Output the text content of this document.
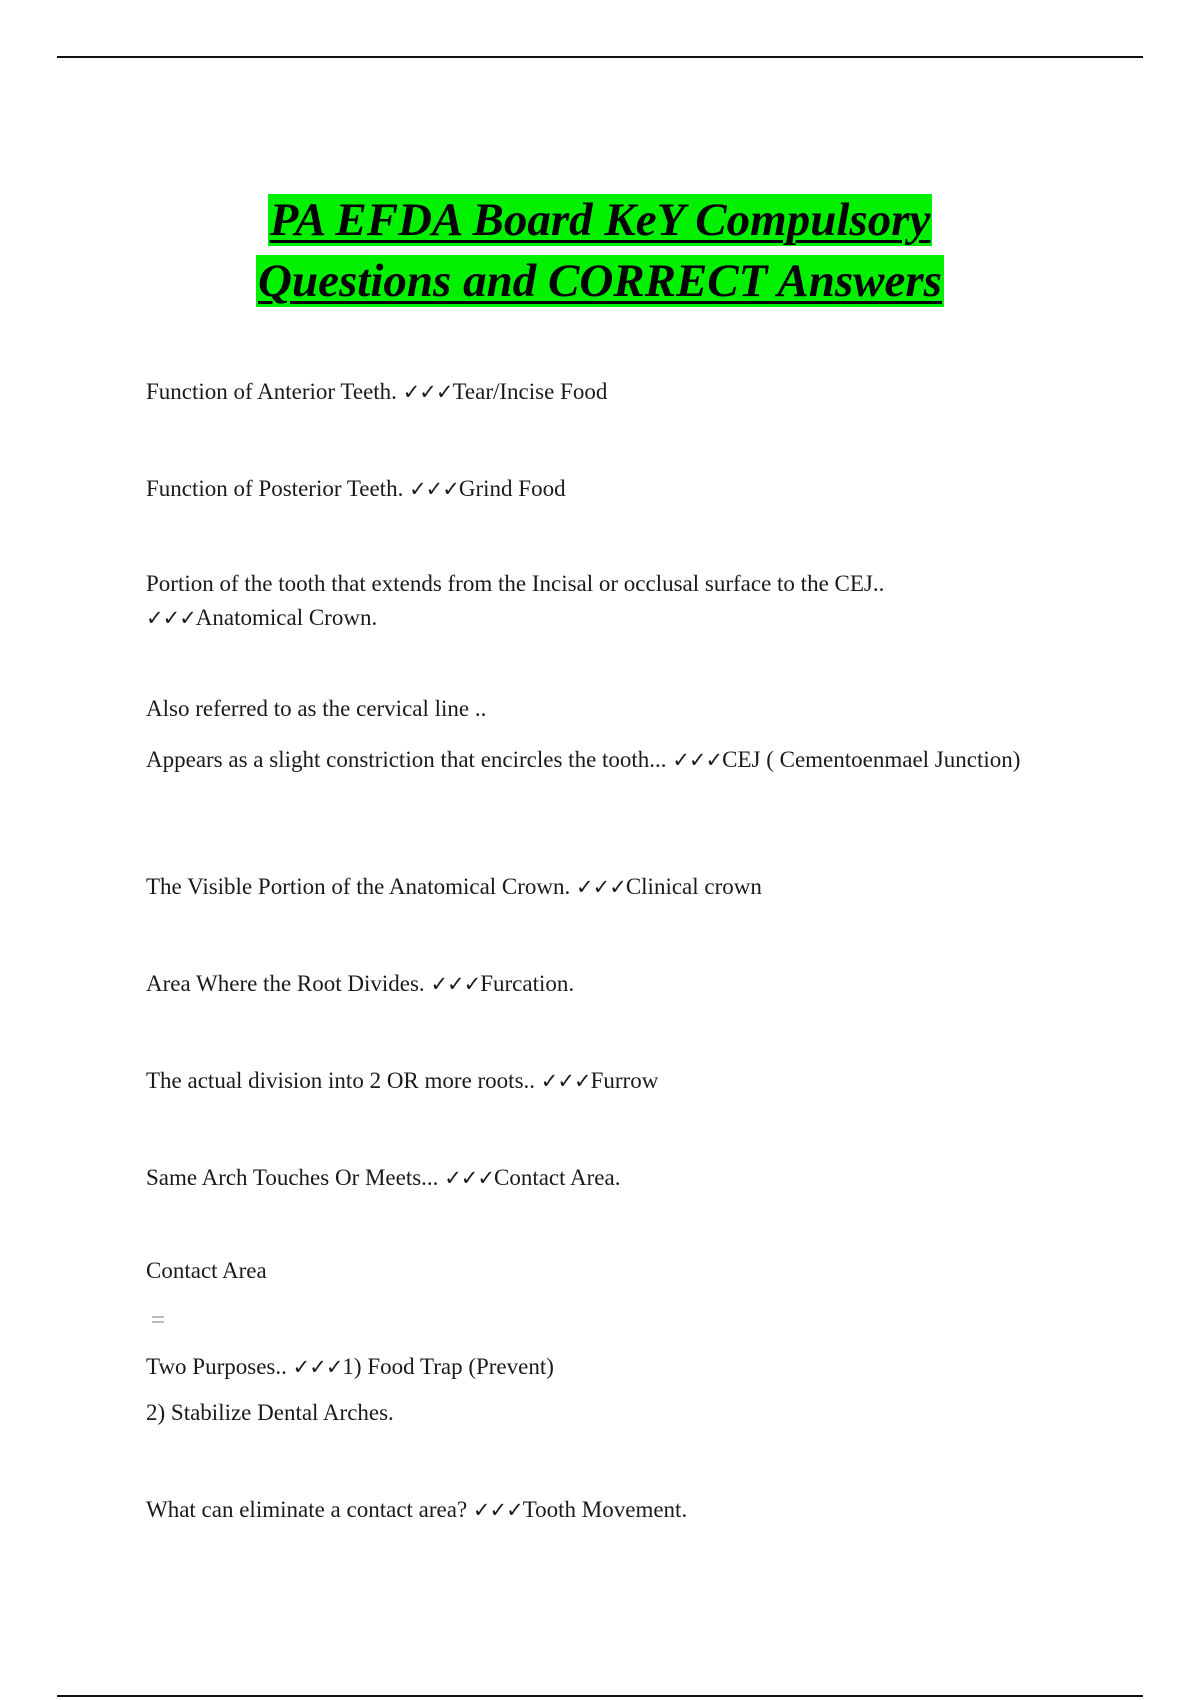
PA EFDA Board KeY Compulsory
Questions and CORRECT Answers

Function of Anterior Teeth. ✓✓✓Tear/Incise Food

Function of Posterior Teeth. ✓✓✓Grind Food

Portion of the tooth that extends from the Incisal or occlusal surface to the CEJ..
✓✓✓Anatomical Crown.

Also referred to as the cervical line ..

Appears as a slight constriction that encircles the tooth... ✓✓✓CEJ ( Cementoenmael Junction)

The Visible Portion of the Anatomical Crown. ✓✓✓Clinical crown

Area Where the Root Divides. ✓✓✓Furcation.

The actual division into 2 OR more roots.. ✓✓✓Furrow

Same Arch Touches Or Meets... ✓✓✓Contact Area.

Contact Area

Two Purposes.. ✓✓✓1) Food Trap (Prevent)

2) Stabilize Dental Arches.

What can eliminate a contact area? ✓✓✓Tooth Movement.
